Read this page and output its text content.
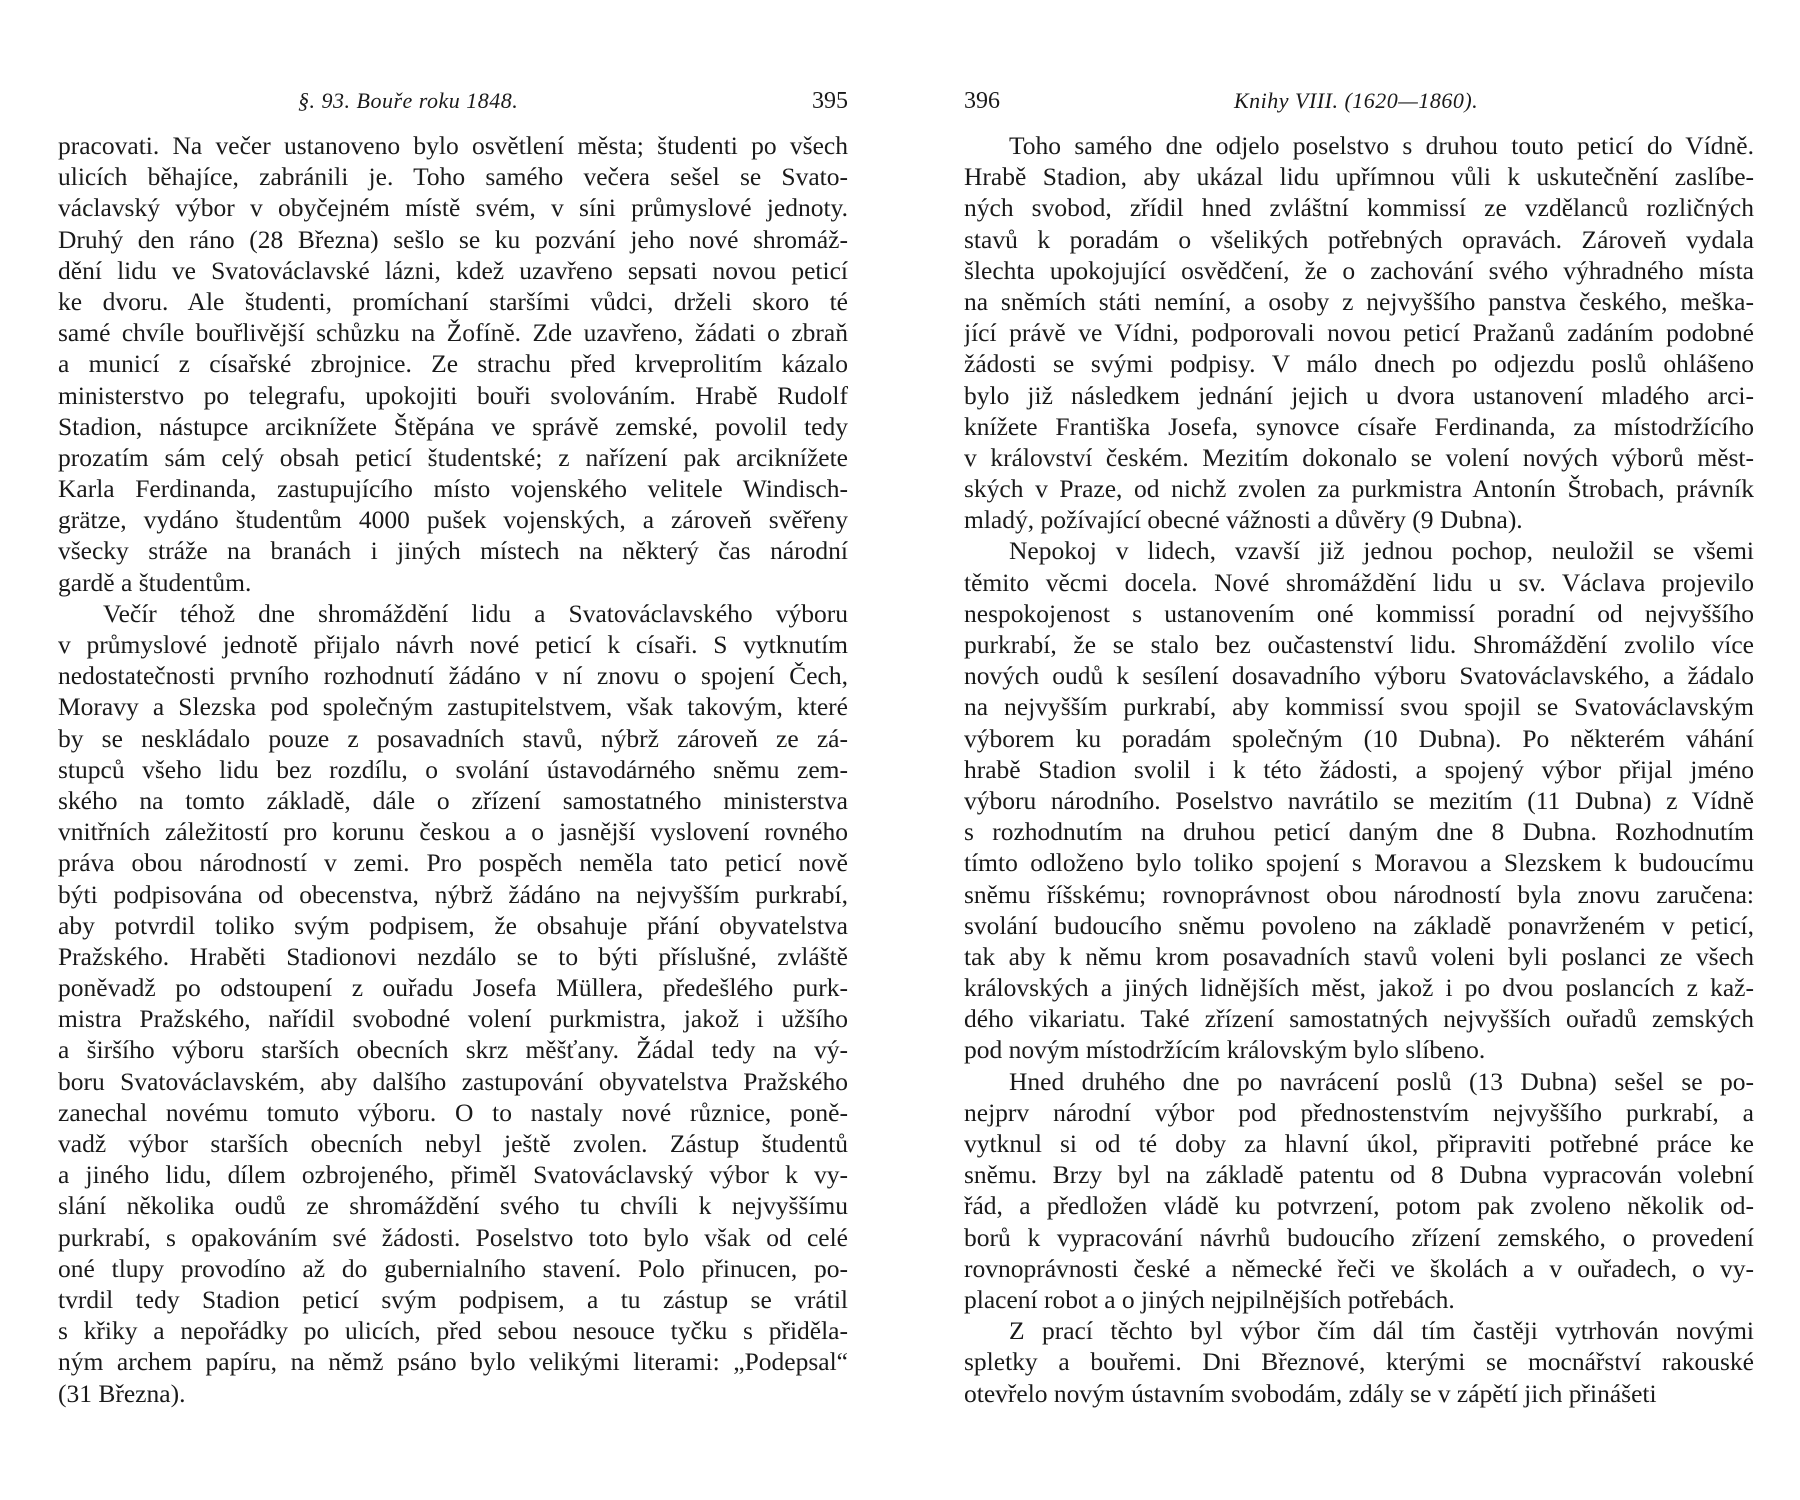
§. 93. Bouře roku 1848.	395

pracovati. Na večer ustanoveno bylo osvětlení města; študenti po všech
ulicích běhajíce, zabránili je. Toho samého večera sešel se Svato-
václavský výbor v obyčejném místě svém, v síni průmyslové jednoty.
Druhý den ráno (28 Března) sešlo se ku pozvání jeho nové shromáž-
dění lidu ve Svatováclavské lázni, kdež uzavřeno sepsati novou peticí
ke dvoru. Ale študenti, promíchaní staršími vůdci, drželi skoro té
samé chvíle bouřlivější schůzku na Žofíně. Zde uzavřeno, žádati o zbraň
a municí z císařské zbrojnice. Ze strachu před krveprolitím kázalo
ministerstvo po telegrafu, upokojiti bouři svolováním. Hrabě Rudolf
Stadion, nástupce arciknížete Štěpána ve správě zemské, povolil tedy
prozatím sám celý obsah peticí študentské; z nařízení pak arciknížete
Karla Ferdinanda, zastupujícího místo vojenského velitele Windisch-
grätze, vydáno študentům 4000 pušek vojenských, a zároveň svěřeny
všecky stráže na branách i jiných místech na některý čas národní
gardě a študentům.

Večír téhož dne shromáždění lidu a Svatováclavského výboru
v průmyslové jednotě přijalo návrh nové peticí k císaři. S vytknutím
nedostatečnosti prvního rozhodnutí žádáno v ní znovu o spojení Čech,
Moravy a Slezska pod společným zastupitelstvem, však takovým, které
by se neskládalo pouze z posavadních stavů, nýbrž zároveň ze zá-
stupců všeho lidu bez rozdílu, o svolání ústavodárného sněmu zem-
ského na tomto základě, dále o zřízení samostatného ministerstva
vnitřních záležitostí pro korunu českou a o jasnější vyslovení rovného
práva obou národností v zemi. Pro pospěch neměla tato peticí nově
býti podpisována od obecenstva, nýbrž žádáno na nejvyšším purkrabí,
aby potvrdil toliko svým podpisem, že obsahuje přání obyvatelstva
Pražského. Hraběti Stadionovi nezdálo se to býti příslušné, zvláště
poněvadž po odstoupení z ouřadu Josefa Müllera, předešlého purk-
mistra Pražského, nařídil svobodné volení purkmistra, jakož i užšího
a širšího výboru starších obecních skrz měšťany. Žádal tedy na vý-
boru Svatováclavském, aby dalšího zastupování obyvatelstva Pražského
zanechal novému tomuto výboru. O to nastaly nové různice, poně-
vadž výbor starších obecních nebyl ještě zvolen. Zástup študentů
a jiného lidu, dílem ozbrojeného, přiměl Svatováclavský výbor k vy-
slání několika oudů ze shromáždění svého tu chvíli k nejvyššímu
purkrabí, s opakováním své žádosti. Poselstvo toto bylo však od celé
oné tlupy provodíno až do gubernialního stavení. Polo přinucen, po-
tvrdil tedy Stadion peticí svým podpisem, a tu zástup se vrátil
s křiky a nepořádky po ulicích, před sebou nesouce tyčku s přiděla-
ným archem papíru, na němž psáno bylo velikými literami: „Podepsal“
(31 Března).

396	Knihy VIII. (1620—1860).

Toho samého dne odjelo poselstvo s druhou touto peticí do Vídně.
Hrabě Stadion, aby ukázal lidu upřímnou vůli k uskutečnění zaslíbe-
ných svobod, zřídil hned zvláštní kommissí ze vzdělanců rozličných
stavů k poradám o všelikých potřebných opravách. Zároveň vydala
šlechta upokojující osvědčení, že o zachování svého výhradného místa
na sněmích státi nemíní, a osoby z nejvyššího panstva českého, meška-
jící právě ve Vídni, podporovali novou peticí Pražanů zadáním podobné
žádosti se svými podpisy. V málo dnech po odjezdu poslů ohlášeno
bylo již následkem jednání jejich u dvora ustanovení mladého arci-
knížete Františka Josefa, synovce císaře Ferdinanda, za místodržícího
v království českém. Mezitím dokonalo se volení nových výborů měst-
ských v Praze, od nichž zvolen za purkmistra Antonín Štrobach, právník
mladý, požívající obecné vážnosti a důvěry (9 Dubna).

Nepokoj v lidech, vzavší již jednou pochop, neuložil se všemi
těmito věcmi docela. Nové shromáždění lidu u sv. Václava projevilo
nespokojenost s ustanovením oné kommissí poradní od nejvyššího
purkrabí, že se stalo bez oučastenství lidu. Shromáždění zvolilo více
nových oudů k sesílení dosavadního výboru Svatováclavského, a žádalo
na nejvyšším purkrabí, aby kommissí svou spojil se Svatováclavským
výborem ku poradám společným (10 Dubna). Po některém váhání
hrabě Stadion svolil i k této žádosti, a spojený výbor přijal jméno
výboru národního. Poselstvo navrátilo se mezitím (11 Dubna) z Vídně
s rozhodnutím na druhou peticí daným dne 8 Dubna. Rozhodnutím
tímto odloženo bylo toliko spojení s Moravou a Slezskem k budoucímu
sněmu říšskému; rovnoprávnost obou národností byla znovu zaručena:
svolání budoucího sněmu povoleno na základě ponavrženém v peticí,
tak aby k němu krom posavadních stavů voleni byli poslanci ze všech
královských a jiných lidnějších měst, jakož i po dvou poslancích z kaž-
dého vikariatu. Také zřízení samostatných nejvyšších ouřadů zemských
pod novým místodržícím královským bylo slíbeno.

Hned druhého dne po navrácení poslů (13 Dubna) sešel se po-
nejprv národní výbor pod přednostenstvím nejvyššího purkrabí, a
vytknul si od té doby za hlavní úkol, připraviti potřebné práce ke
sněmu. Brzy byl na základě patentu od 8 Dubna vypracován volební
řád, a předložen vládě ku potvrzení, potom pak zvoleno několik od-
borů k vypracování návrhů budoucího zřízení zemského, o provedení
rovnoprávnosti české a německé řeči ve školách a v ouřadech, o vy-
placení robot a o jiných nejpilnějších potřebách.

Z prací těchto byl výbor čím dál tím častěji vytrhován novými
spletky a bouřemi. Dni Březnové, kterými se mocnářství rakouské
otevřelo novým ústavním svobodám, zdály se v zápětí jich přinášeti
